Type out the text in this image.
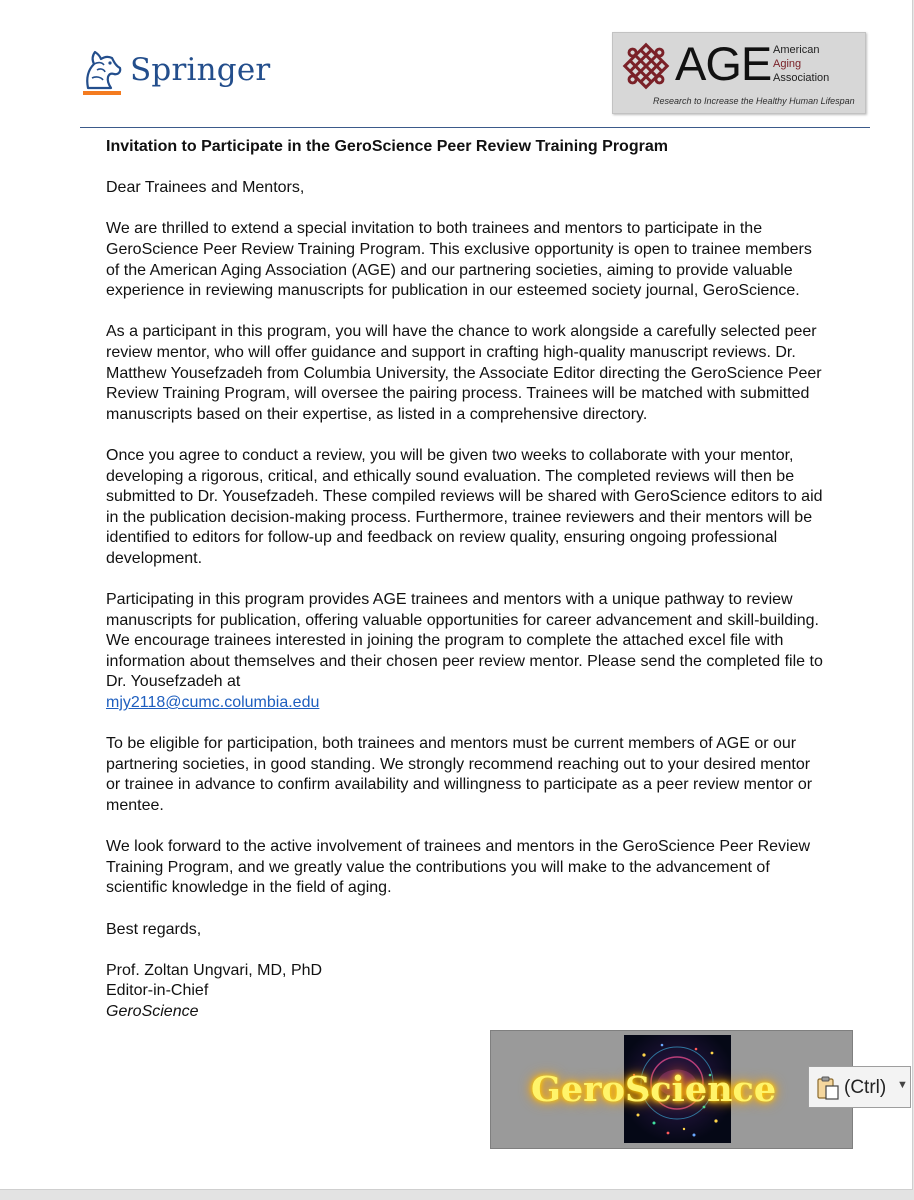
Springer	AGE American
Aging
Association
Research to Increase the Healthy Human Lifespan
Invitation to Participate in the GeroScience Peer Review Training Program

Dear Trainees and Mentors,

We are thrilled to extend a special invitation to both trainees and mentors to participate in the GeroScience Peer Review Training Program. This exclusive opportunity is open to trainee members of the American Aging Association (AGE) and our partnering societies, aiming to provide valuable experience in reviewing manuscripts for publication in our esteemed society journal, GeroScience.

As a participant in this program, you will have the chance to work alongside a carefully selected peer review mentor, who will offer guidance and support in crafting high-quality manuscript reviews. Dr. Matthew Yousefzadeh from Columbia University, the Associate Editor directing the GeroScience Peer Review Training Program, will oversee the pairing process. Trainees will be matched with submitted manuscripts based on their expertise, as listed in a comprehensive directory.

Once you agree to conduct a review, you will be given two weeks to collaborate with your mentor, developing a rigorous, critical, and ethically sound evaluation. The completed reviews will then be submitted to Dr. Yousefzadeh. These compiled reviews will be shared with GeroScience editors to aid in the publication decision-making process. Furthermore, trainee reviewers and their mentors will be identified to editors for follow-up and feedback on review quality, ensuring ongoing professional development.

Participating in this program provides AGE trainees and mentors with a unique pathway to review manuscripts for publication, offering valuable opportunities for career advancement and skill-building. We encourage trainees interested in joining the program to complete the attached excel file with information about themselves and their chosen peer review mentor. Please send the completed file to Dr. Yousefzadeh at
mjy2118@cumc.columbia.edu

To be eligible for participation, both trainees and mentors must be current members of AGE or our partnering societies, in good standing. We strongly recommend reaching out to your desired mentor or trainee in advance to confirm availability and willingness to participate as a peer review mentor or mentee.

We look forward to the active involvement of trainees and mentors in the GeroScience Peer Review Training Program, and we greatly value the contributions you will make to the advancement of scientific knowledge in the field of aging.

Best regards,

Prof. Zoltan Ungvari, MD, PhD
Editor-in-Chief
GeroScience
GeroScience	(Ctrl) ▼
